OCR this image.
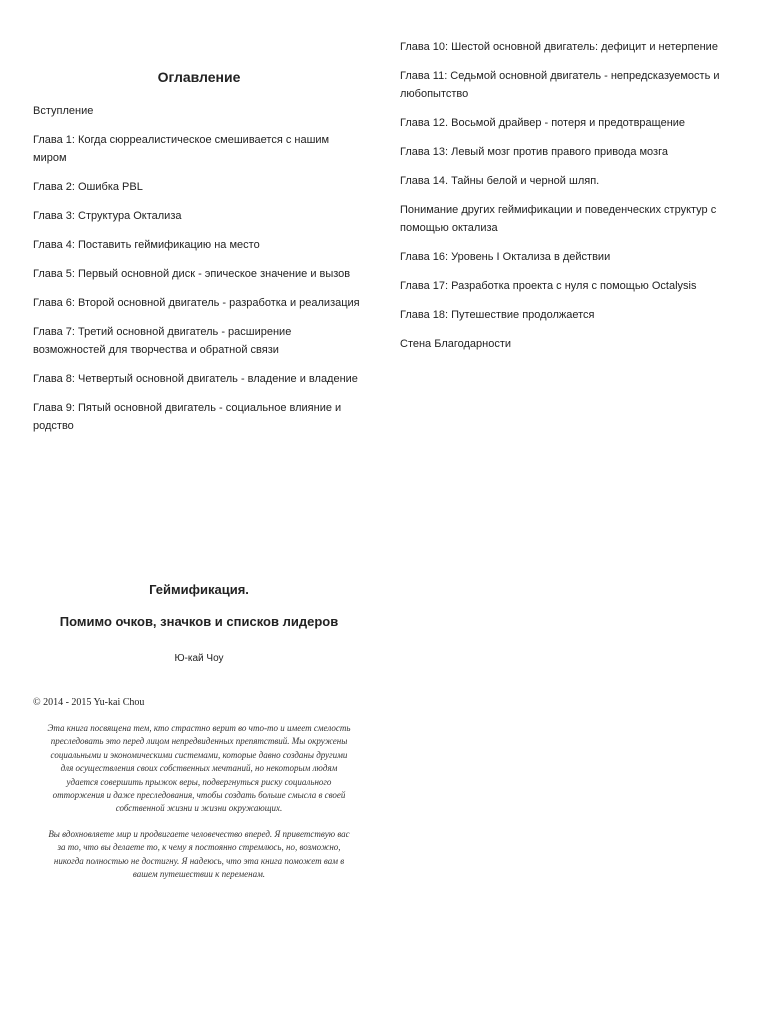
Оглавление
Вступление
Глава 1: Когда сюрреалистическое смешивается с нашим миром
Глава 2: Ошибка PBL
Глава 3: Структура Октализа
Глава 4: Поставить геймификацию на место
Глава 5: Первый основной диск - эпическое значение и вызов
Глава 6: Второй основной двигатель - разработка и реализация
Глава 7: Третий основной двигатель - расширение возможностей для творчества и обратной связи
Глава 8: Четвертый основной двигатель - владение и владение
Глава 9: Пятый основной двигатель - социальное влияние и родство
Глава 10: Шестой основной двигатель: дефицит и нетерпение
Глава 11: Седьмой основной двигатель - непредсказуемость и любопытство
Глава 12. Восьмой драйвер - потеря и предотвращение
Глава 13: Левый мозг против правого привода мозга
Глава 14. Тайны белой и черной шляп.
Понимание других геймификации и поведенческих структур с помощью октализа
Глава 16: Уровень I Октализа в действии
Глава 17: Разработка проекта с нуля с помощью Octalysis
Глава 18: Путешествие продолжается
Стена Благодарности
Геймификация.
Помимо очков, значков и списков лидеров
Ю-кай Чоу
© 2014 - 2015 Yu-kai Chou

Эта книга посвящена тем, кто страстно верит во что-то и имеет смелость преследовать это перед лицом непредвиденных препятствий. Мы окружены социальными и экономическими системами, которые давно созданы другими для осуществления своих собственных мечтаний, но некоторым людям удается совершить прыжок веры, подвергнуться риску социального отторжения и даже преследования, чтобы создать больше смысла в своей собственной жизни и жизни окружающих.

Вы вдохновляете мир и продвигаете человечество вперед. Я приветствую вас за то, что вы делаете то, к чему я постоянно стремлюсь, но, возможно, никогда полностью не достигну. Я надеюсь, что эта книга поможет вам в вашем путешествии к переменам.
